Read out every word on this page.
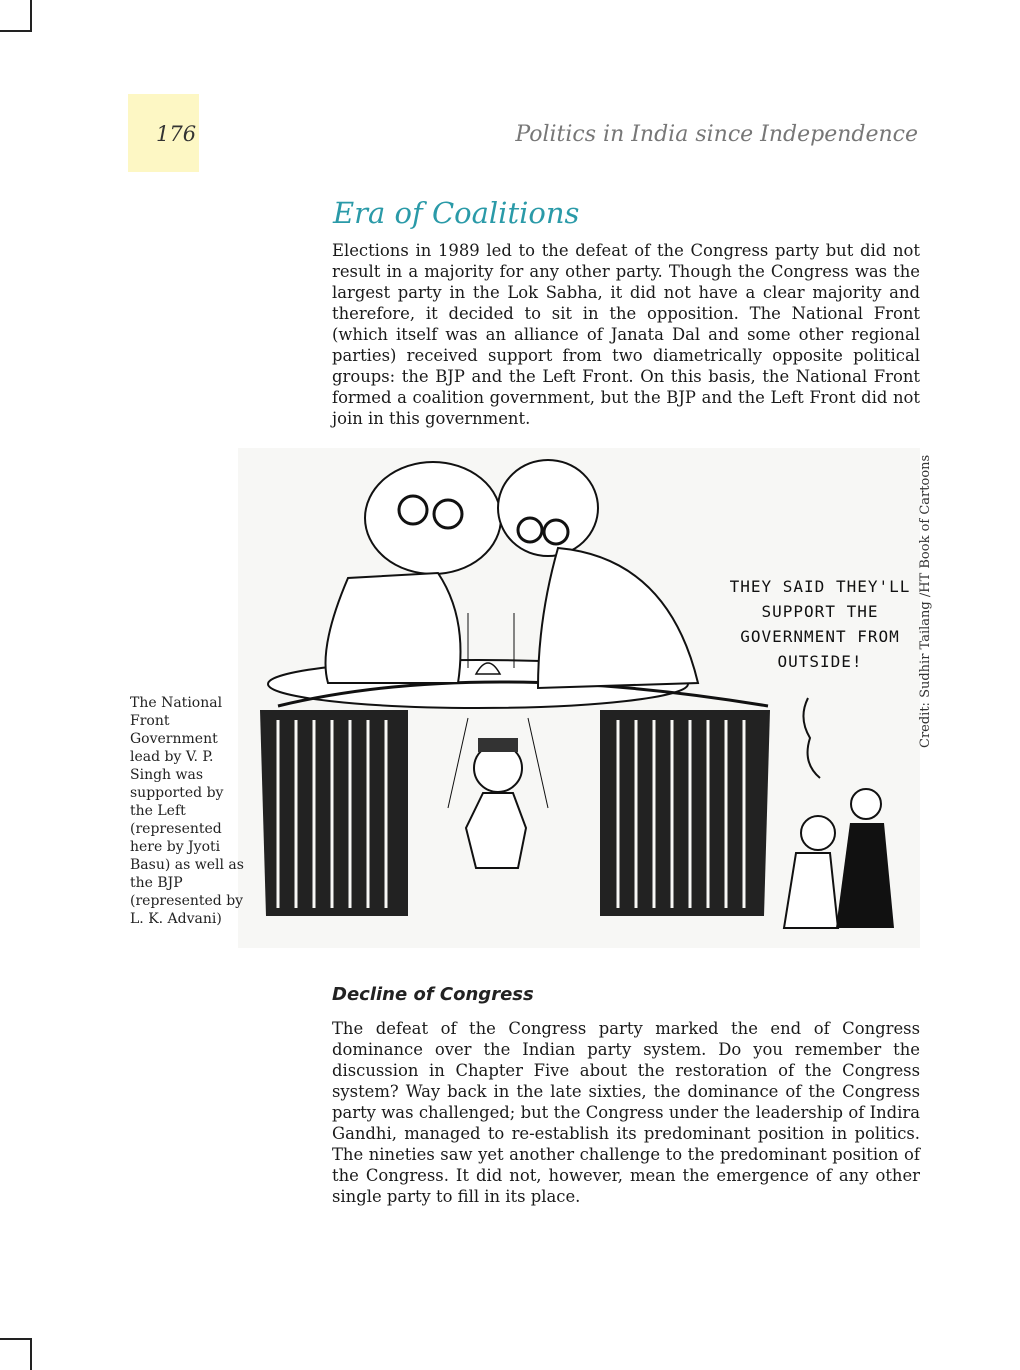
176	Politics in India since Independence
Era of Coalitions

Elections in 1989 led to the defeat of the Congress party but did not result in a majority for any other party. Though the Congress was the largest party in the Lok Sabha, it did not have a clear majority and therefore, it decided to sit in the opposition. The National Front (which itself was an alliance of Janata Dal and some other regional parties) received support from two diametrically opposite political groups: the BJP and the Left Front. On this basis, the National Front formed a coalition government, but the BJP and the Left Front did not join in this government.

THEY SAID THEY'LL SUPPORT THE GOVERNMENT FROM OUTSIDE!	Credit: Sudhir Tailang /HT Book of Cartoons

The National Front Government lead by V. P. Singh was supported by the Left (represented here by Jyoti Basu) as well as the BJP (represented by L. K. Advani)

Decline of Congress

The defeat of the Congress party marked the end of Congress dominance over the Indian party system. Do you remember the discussion in Chapter Five about the restoration of the Congress system? Way back in the late sixties, the dominance of the Congress party was challenged; but the Congress under the leadership of Indira Gandhi, managed to re-establish its predominant position in politics. The nineties saw yet another challenge to the predominant position of the Congress. It did not, however, mean the emergence of any other single party to fill in its place.
